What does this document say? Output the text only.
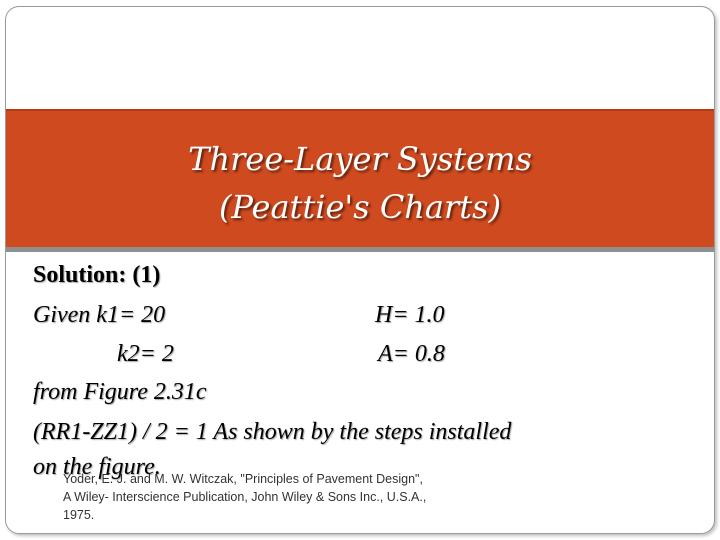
Three-Layer Systems
(Peattie's Charts)
Solution: (1)
Given k1= 20	H= 1.0
k2= 2	A= 0.8
from Figure 2.31c
(RR1-ZZ1) / 2 = 1 As shown by the steps installed
on the figure.
Yoder, E. J. and M. W. Witczak, "Principles of Pavement Design", A Wiley- Interscience Publication, John Wiley & Sons Inc., U.S.A., 1975.
